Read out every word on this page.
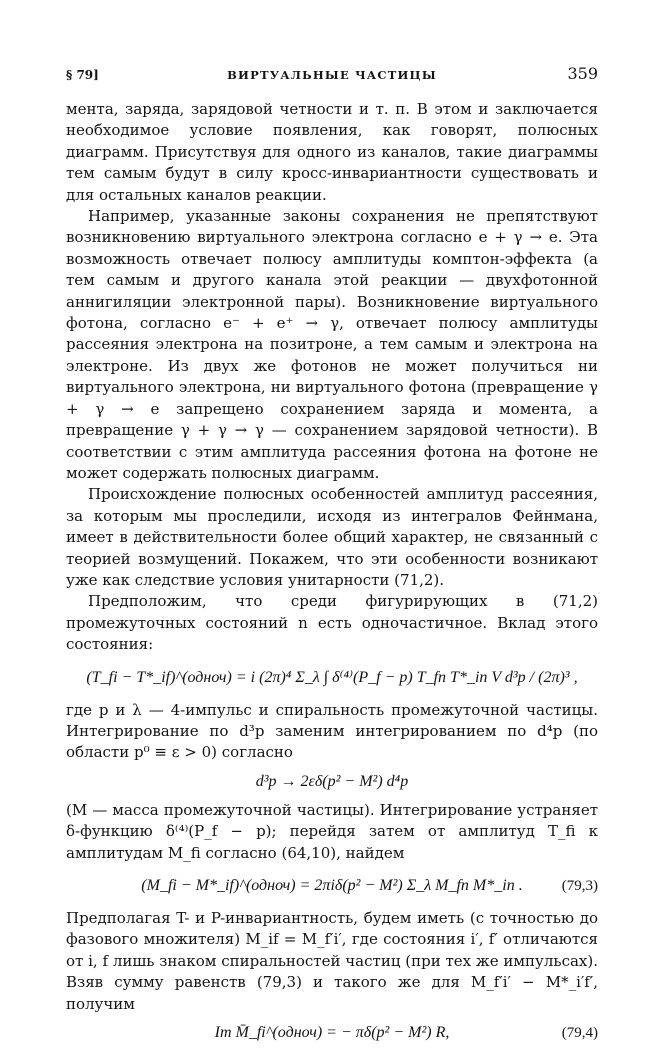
§ 79]	ВИРТУАЛЬНЫЕ ЧАСТИЦЫ	359

мента, заряда, зарядовой четности и т. п. В этом и заключается необходимое условие появления, как говорят, полюсных диаграмм. Присутствуя для одного из каналов, такие диаграммы тем самым будут в силу кросс-инвариантности существовать и для остальных каналов реакции.

Например, указанные законы сохранения не препятствуют возникновению виртуального электрона согласно e + γ → e. Эта возможность отвечает полюсу амплитуды комптон-эффекта (а тем самым и другого канала этой реакции — двухфотонной аннигиляции электронной пары). Возникновение виртуального фотона, согласно e⁻ + e⁺ → γ, отвечает полюсу амплитуды рассеяния электрона на позитроне, а тем самым и электрона на электроне. Из двух же фотонов не может получиться ни виртуального электрона, ни виртуального фотона (превращение γ + γ → e запрещено сохранением заряда и момента, а превращение γ + γ → γ — сохранением зарядовой четности). В соответствии с этим амплитуда рассеяния фотона на фотоне не может содержать полюсных диаграмм.

Происхождение полюсных особенностей амплитуд рассеяния, за которым мы проследили, исходя из интегралов Фейнмана, имеет в действительности более общий характер, не связанный с теорией возмущений. Покажем, что эти особенности возникают уже как следствие условия унитарности (71,2).

Предположим, что среди фигурирующих в (71,2) промежуточных состояний n есть одночастичное. Вклад этого состояния:

(T_fi − T*_if)^(одноч) = i (2π)⁴ Σ_λ ∫ δ⁽⁴⁾(P_f − p) T_fn T*_in V d³p / (2π)³ ,

где p и λ — 4-импульс и спиральность промежуточной частицы. Интегрирование по d³p заменим интегрированием по d⁴p (по области p⁰ ≡ ε > 0) согласно

d³p → 2εδ(p² − M²) d⁴p

(M — масса промежуточной частицы). Интегрирование устраняет δ-функцию δ⁽⁴⁾(P_f − p); перейдя затем от амплитуд T_fi к амплитудам M_fi согласно (64,10), найдем

(M_fi − M*_if)^(одноч) = 2πiδ(p² − M²) Σ_λ M_fn M*_in .	(79,3)

Предполагая T- и P-инвариантность, будем иметь (с точностью до фазового множителя) M_if = M_f′i′, где состояния i′, f′ отличаются от i, f лишь знаком спиральностей частиц (при тех же импульсах). Взяв сумму равенств (79,3) и такого же для M_f′i′ − M*_i′f′, получим

Im M̄_fi^(одноч) = − πδ(p² − M²) R,	(79,4)
